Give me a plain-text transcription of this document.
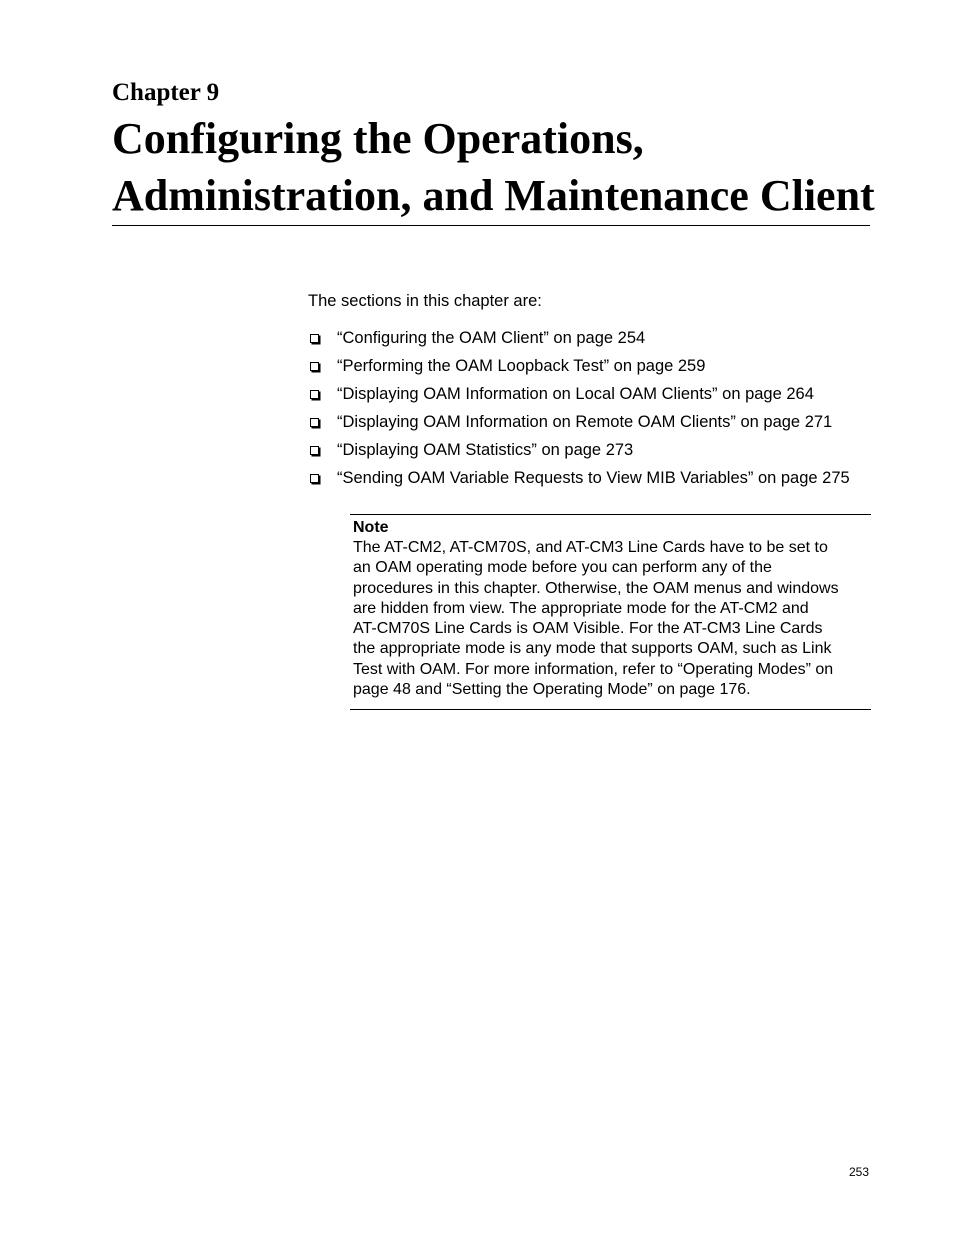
Chapter 9
Configuring the Operations,
Administration, and Maintenance Client

The sections in this chapter are:

“Configuring the OAM Client” on page 254
“Performing the OAM Loopback Test” on page 259
“Displaying OAM Information on Local OAM Clients” on page 264
“Displaying OAM Information on Remote OAM Clients” on page 271
“Displaying OAM Statistics” on page 273
“Sending OAM Variable Requests to View MIB Variables” on page 275

Note

The AT-CM2, AT-CM70S, and AT-CM3 Line Cards have to be set to
an OAM operating mode before you can perform any of the
procedures in this chapter. Otherwise, the OAM menus and windows
are hidden from view. The appropriate mode for the AT-CM2 and
AT-CM70S Line Cards is OAM Visible. For the AT-CM3 Line Cards
the appropriate mode is any mode that supports OAM, such as Link
Test with OAM. For more information, refer to “Operating Modes” on
page 48 and “Setting the Operating Mode” on page 176.

253
